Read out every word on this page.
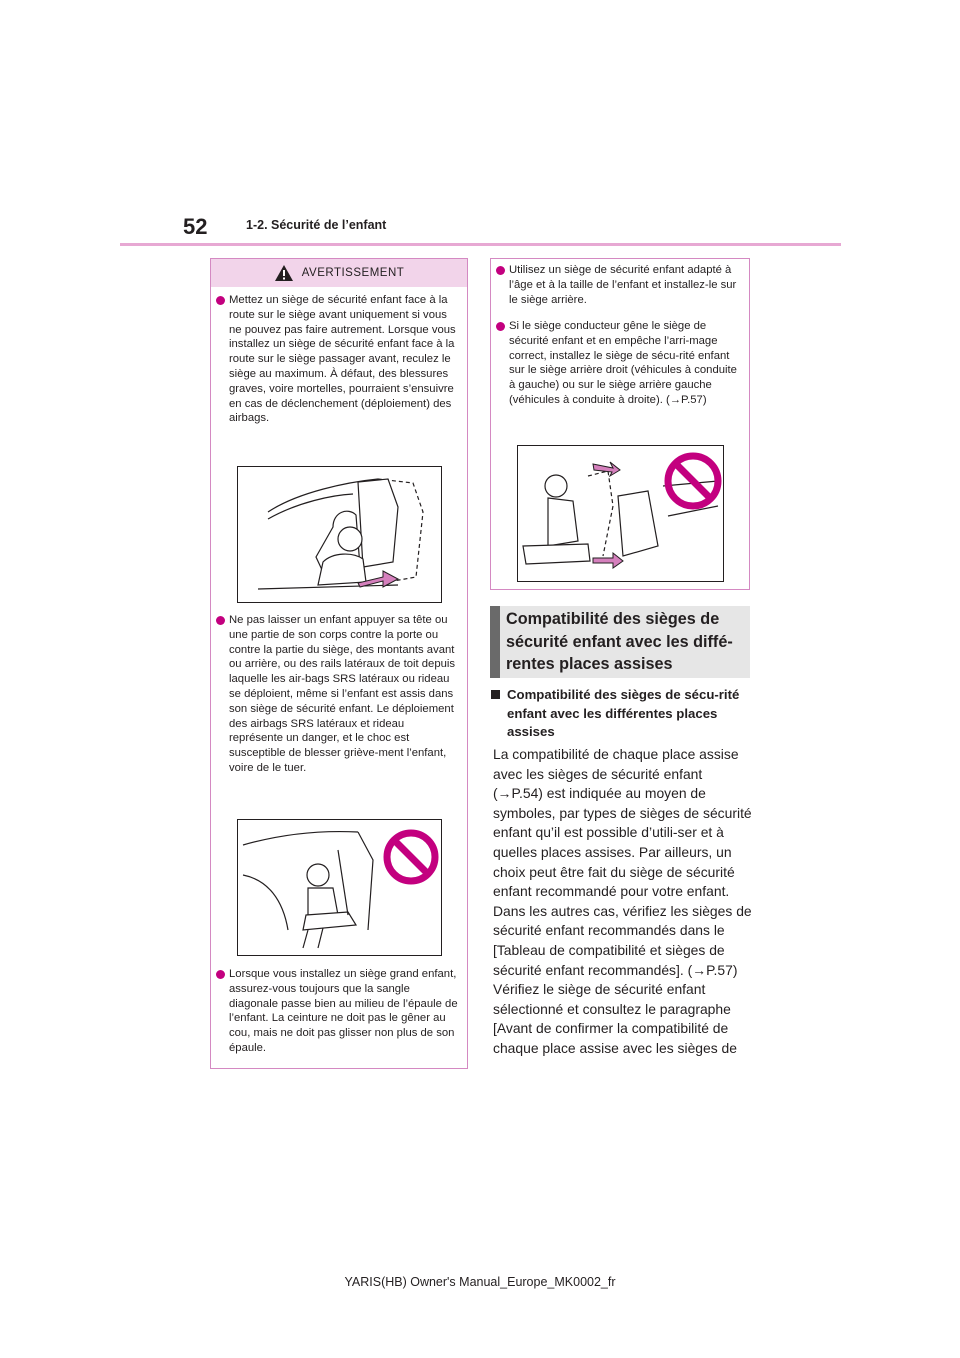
52	1-2. Sécurité de l’enfant
AVERTISSEMENT
Mettez un siège de sécurité enfant face à la route sur le siège avant uniquement si vous ne pouvez pas faire autrement. Lorsque vous installez un siège de sécurité enfant face à la route sur le siège passager avant, reculez le siège au maximum. À défaut, des blessures graves, voire mortelles, pourraient s’ensuivre en cas de déclenchement (déploiement) des airbags.
Ne pas laisser un enfant appuyer sa tête ou une partie de son corps contre la porte ou contre la partie du siège, des montants avant ou arrière, ou des rails latéraux de toit depuis laquelle les air-bags SRS latéraux ou rideau se déploient, même si l’enfant est assis dans son siège de sécurité enfant. Le déploiement des airbags SRS latéraux et rideau représente un danger, et le choc est susceptible de blesser griève-ment l’enfant, voire de le tuer.
Lorsque vous installez un siège grand enfant, assurez-vous toujours que la sangle diagonale passe bien au milieu de l’épaule de l’enfant. La ceinture ne doit pas le gêner au cou, mais ne doit pas glisser non plus de son épaule.
Utilisez un siège de sécurité enfant adapté à l’âge et à la taille de l’enfant et installez-le sur le siège arrière.
Si le siège conducteur gêne le siège de sécurité enfant et en empêche l’arri-mage correct, installez le siège de sécu-rité enfant sur le siège arrière droit (véhicules à conduite à gauche) ou sur le siège arrière gauche (véhicules à conduite à droite). (→P.57)
Compatibilité des sièges de sécurité enfant avec les diffé-rentes places assises
Compatibilité des sièges de sécu-rité enfant avec les différentes places assises
La compatibilité de chaque place assise avec les sièges de sécurité enfant (→P.54) est indiquée au moyen de symboles, par types de sièges de sécurité enfant qu’il est possible d’utili-ser et à quelles places assises. Par ailleurs, un choix peut être fait du siège de sécurité enfant recommandé pour votre enfant. Dans les autres cas, vérifiez les sièges de sécurité enfant recommandés dans le [Tableau de compatibilité et sièges de sécurité enfant recommandés]. (→P.57) Vérifiez le siège de sécurité enfant sélectionné et consultez le paragraphe [Avant de confirmer la compatibilité de chaque place assise avec les sièges de
YARIS(HB) Owner's Manual_Europe_MK0002_fr
